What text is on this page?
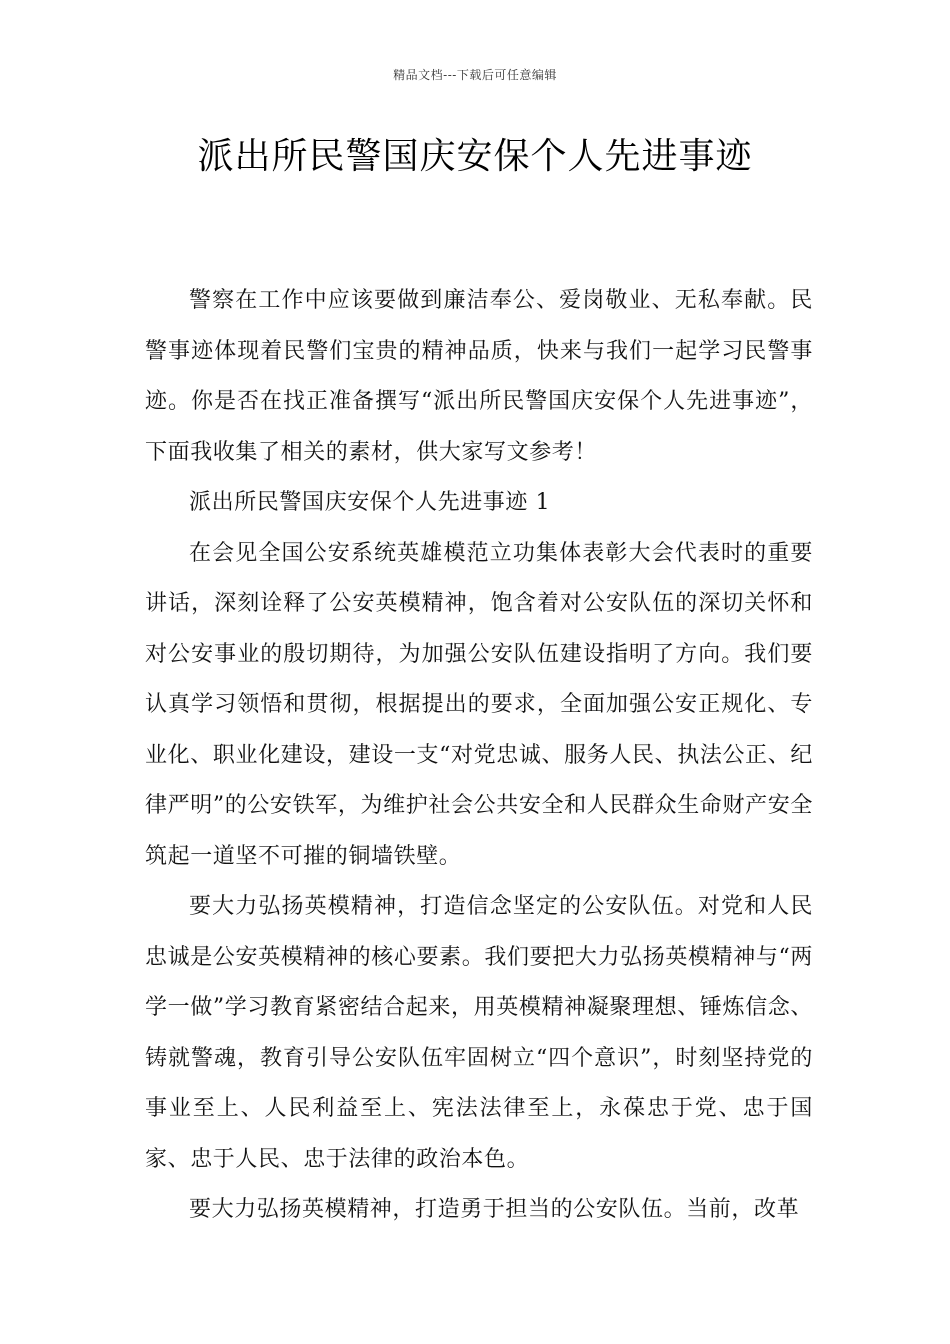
精品文档---下载后可任意编辑
派出所民警国庆安保个人先进事迹

警察在工作中应该要做到廉洁奉公、爱岗敬业、无私奉献。民警事迹体现着民警们宝贵的精神品质，快来与我们一起学习民警事迹。你是否在找正准备撰写“派出所民警国庆安保个人先进事迹”，下面我收集了相关的素材，供大家写文参考！

派出所民警国庆安保个人先进事迹 1

在会见全国公安系统英雄模范立功集体表彰大会代表时的重要讲话，深刻诠释了公安英模精神，饱含着对公安队伍的深切关怀和对公安事业的殷切期待，为加强公安队伍建设指明了方向。我们要认真学习领悟和贯彻，根据提出的要求，全面加强公安正规化、专业化、职业化建设，建设一支“对党忠诚、服务人民、执法公正、纪律严明”的公安铁军，为维护社会公共安全和人民群众生命财产安全筑起一道坚不可摧的铜墙铁壁。

要大力弘扬英模精神，打造信念坚定的公安队伍。对党和人民忠诚是公安英模精神的核心要素。我们要把大力弘扬英模精神与“两学一做”学习教育紧密结合起来，用英模精神凝聚理想、锤炼信念、铸就警魂，教育引导公安队伍牢固树立“四个意识”，时刻坚持党的事业至上、人民利益至上、宪法法律至上，永葆忠于党、忠于国家、忠于人民、忠于法律的政治本色。

要大力弘扬英模精神，打造勇于担当的公安队伍。当前，改革
